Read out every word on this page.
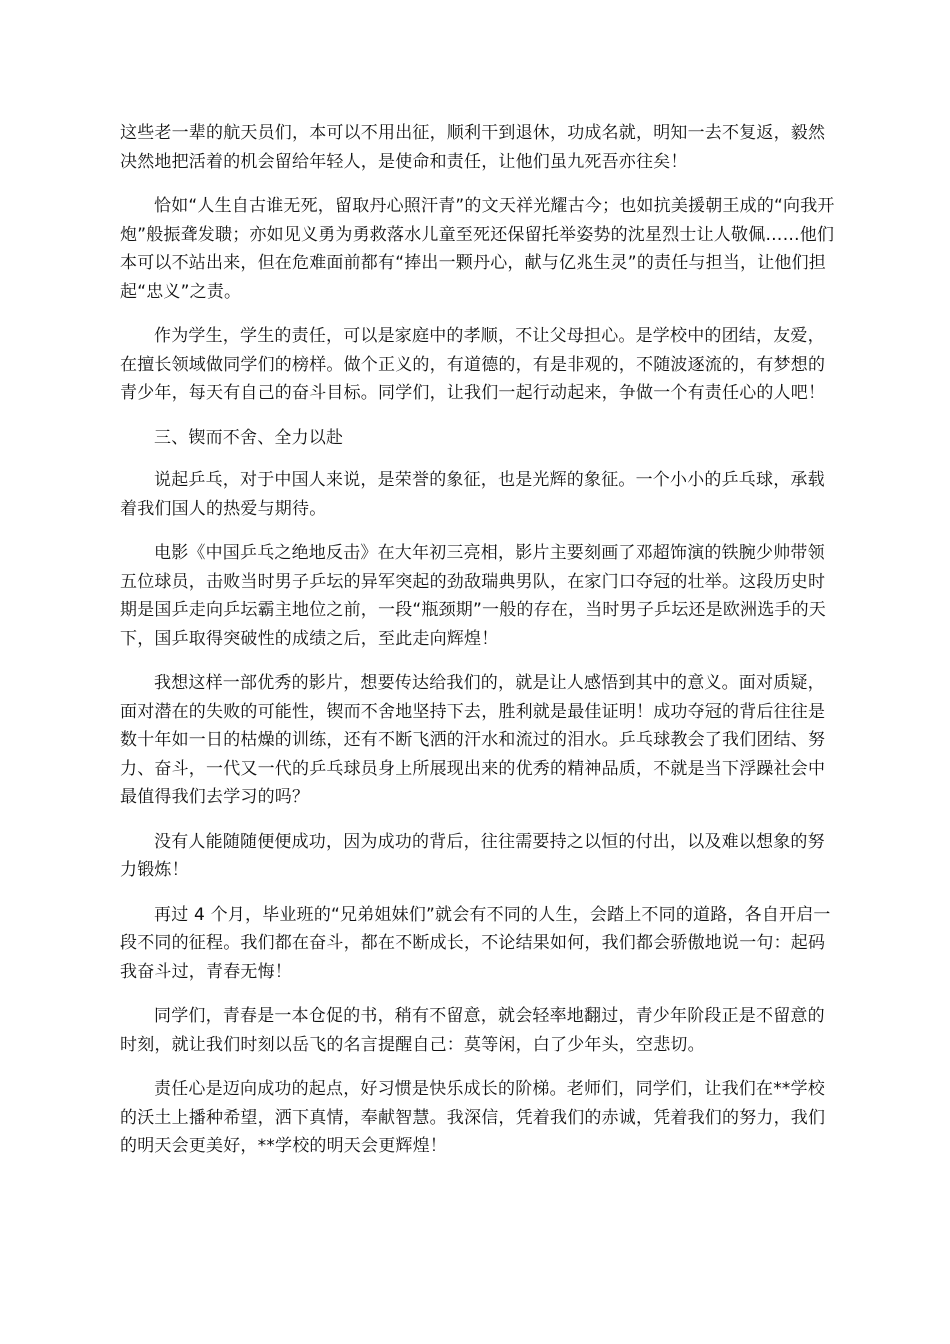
这些老一辈的航天员们，本可以不用出征，顺利干到退休，功成名就，明知一去不复返，毅然决然地把活着的机会留给年轻人，是使命和责任，让他们虽九死吾亦往矣！

恰如“人生自古谁无死，留取丹心照汗青”的文天祥光耀古今；也如抗美援朝王成的“向我开炮”般振聋发聩；亦如见义勇为勇救落水儿童至死还保留托举姿势的沈星烈士让人敬佩……他们本可以不站出来，但在危难面前都有“捧出一颗丹心，献与亿兆生灵”的责任与担当，让他们担起“忠义”之责。

作为学生，学生的责任，可以是家庭中的孝顺，不让父母担心。是学校中的团结，友爱，在擅长领域做同学们的榜样。做个正义的，有道德的，有是非观的，不随波逐流的，有梦想的青少年，每天有自己的奋斗目标。同学们，让我们一起行动起来，争做一个有责任心的人吧！

三、锲而不舍、全力以赴

说起乒乓，对于中国人来说，是荣誉的象征，也是光辉的象征。一个小小的乒乓球，承载着我们国人的热爱与期待。

电影《中国乒乓之绝地反击》在大年初三亮相，影片主要刻画了邓超饰演的铁腕少帅带领五位球员，击败当时男子乒坛的异军突起的劲敌瑞典男队，在家门口夺冠的壮举。这段历史时期是国乒走向乒坛霸主地位之前，一段“瓶颈期”一般的存在，当时男子乒坛还是欧洲选手的天下，国乒取得突破性的成绩之后，至此走向辉煌！

我想这样一部优秀的影片，想要传达给我们的，就是让人感悟到其中的意义。面对质疑，面对潜在的失败的可能性，锲而不舍地坚持下去，胜利就是最佳证明！成功夺冠的背后往往是数十年如一日的枯燥的训练，还有不断飞洒的汗水和流过的泪水。乒乓球教会了我们团结、努力、奋斗，一代又一代的乒乓球员身上所展现出来的优秀的精神品质，不就是当下浮躁社会中最值得我们去学习的吗？

没有人能随随便便成功，因为成功的背后，往往需要持之以恒的付出，以及难以想象的努力锻炼！

再过 4 个月，毕业班的“兄弟姐妹们”就会有不同的人生，会踏上不同的道路，各自开启一段不同的征程。我们都在奋斗，都在不断成长，不论结果如何，我们都会骄傲地说一句：起码我奋斗过，青春无悔！

同学们，青春是一本仓促的书，稍有不留意，就会轻率地翻过，青少年阶段正是不留意的时刻，就让我们时刻以岳飞的名言提醒自己：莫等闲，白了少年头，空悲切。

责任心是迈向成功的起点，好习惯是快乐成长的阶梯。老师们，同学们，让我们在**学校的沃土上播种希望，洒下真情，奉献智慧。我深信，凭着我们的赤诚，凭着我们的努力，我们的明天会更美好，**学校的明天会更辉煌！
